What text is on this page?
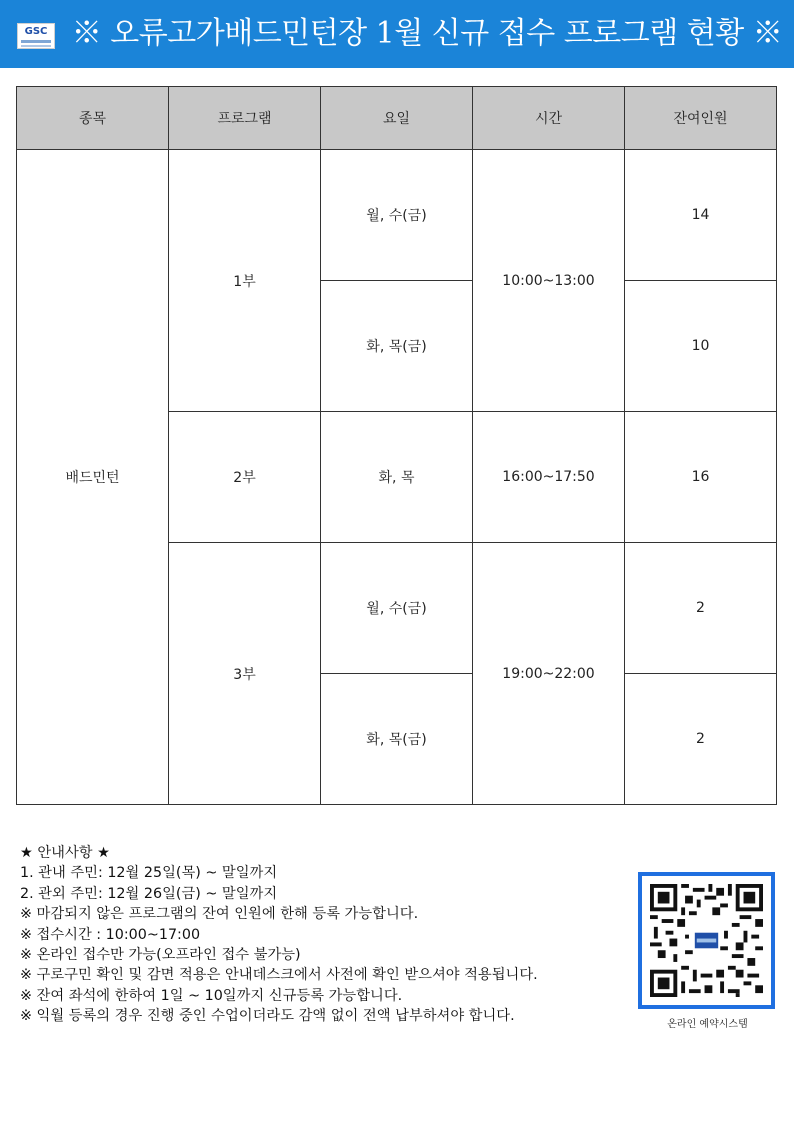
GSC ※ 오류고가배드민턴장 1월 신규 접수 프로그램 현황 ※
종목	프로그램	요일	시간	잔여인원
배드민턴	1부	월, 수(금)	10:00~13:00	14
		화, 목(금)		10
	2부	화, 목	16:00~17:50	16
	3부	월, 수(금)	19:00~22:00	2
		화, 목(금)		2
★ 안내사항 ★
1. 관내 주민: 12월 25일(목) ~ 말일까지
2. 관외 주민: 12월 26일(금) ~ 말일까지
※ 마감되지 않은 프로그램의 잔여 인원에 한해 등록 가능합니다.
※ 접수시간 : 10:00~17:00
※ 온라인 접수만 가능(오프라인 접수 불가능)
※ 구로구민 확인 및 감면 적용은 안내데스크에서 사전에 확인 받으셔야 적용됩니다.
※ 잔여 좌석에 한하여 1일 ~ 10일까지 신규등록 가능합니다.
※ 익월 등록의 경우 진행 중인 수업이더라도 감액 없이 전액 납부하셔야 합니다.
온라인 예약시스템
